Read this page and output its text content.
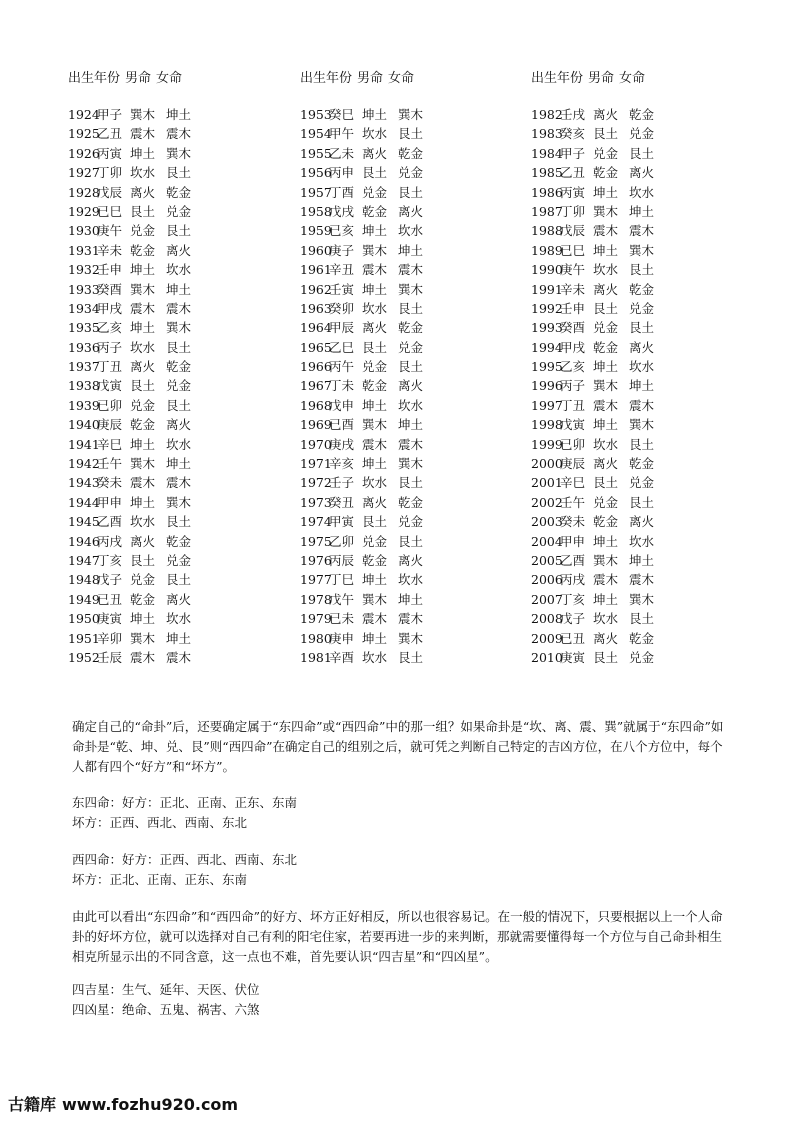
出生年份 男命 女命
1924甲子 巽木 坤土
1925乙丑 震木 震木
1926丙寅 坤土 巽木
1927丁卯 坎水 艮土
1928戊辰 离火 乾金
1929已巳 艮土 兑金
1930庚午 兑金 艮土
1931辛未 乾金 离火
1932壬申 坤土 坎水
1933癸酉 巽木 坤土
1934甲戌 震木 震木
1935乙亥 坤土 巽木
1936丙子 坎水 艮土
1937丁丑 离火 乾金
1938戊寅 艮土 兑金
1939已卯 兑金 艮土
1940庚辰 乾金 离火
1941辛巳 坤土 坎水
1942壬午 巽木 坤土
1943癸未 震木 震木
1944甲申 坤土 巽木
1945乙酉 坎水 艮土
1946丙戌 离火 乾金
1947丁亥 艮土 兑金
1948戊子 兑金 艮土
1949已丑 乾金 离火
1950庚寅 坤土 坎水
1951辛卯 巽木 坤土
1952壬辰 震木 震木
出生年份 男命 女命
1953癸巳 坤土 巽木
1954甲午 坎水 艮土
1955乙未 离火 乾金
1956丙申 艮土 兑金
1957丁酉 兑金 艮土
1958戊戌 乾金 离火
1959已亥 坤土 坎水
1960庚子 巽木 坤土
1961辛丑 震木 震木
1962壬寅 坤土 巽木
1963癸卯 坎水 艮土
1964甲辰 离火 乾金
1965乙巳 艮土 兑金
1966丙午 兑金 艮土
1967丁未 乾金 离火
1968戊申 坤土 坎水
1969已酉 巽木 坤土
1970庚戌 震木 震木
1971辛亥 坤土 巽木
1972壬子 坎水 艮土
1973癸丑 离火 乾金
1974甲寅 艮土 兑金
1975乙卯 兑金 艮土
1976丙辰 乾金 离火
1977丁巳 坤土 坎水
1978戊午 巽木 坤土
1979已未 震木 震木
1980庚申 坤土 巽木
1981辛酉 坎水 艮土
出生年份 男命 女命
1982壬戌 离火 乾金
1983癸亥 艮土 兑金
1984甲子 兑金 艮土
1985乙丑 乾金 离火
1986丙寅 坤土 坎水
1987丁卯 巽木 坤土
1988戊辰 震木 震木
1989已巳 坤土 巽木
1990庚午 坎水 艮土
1991辛未 离火 乾金
1992壬申 艮土 兑金
1993癸酉 兑金 艮土
1994甲戌 乾金 离火
1995乙亥 坤土 坎水
1996丙子 巽木 坤土
1997丁丑 震木 震木
1998戊寅 坤土 巽木
1999已卯 坎水 艮土
2000庚辰 离火 乾金
2001辛巳 艮土 兑金
2002壬午 兑金 艮土
2003癸未 乾金 离火
2004甲申 坤土 坎水
2005乙酉 巽木 坤土
2006丙戌 震木 震木
2007丁亥 坤土 巽木
2008戊子 坎水 艮土
2009已丑 离火 乾金
2010庚寅 艮土 兑金

确定自己的“命卦”后，还要确定属于“东四命”或“西四命”中的那一组？如果命卦是“坎、离、震、巽”就属于“东四命”如命卦是“乾、坤、兑、艮”则“西四命”在确定自己的组别之后，就可凭之判断自己特定的吉凶方位，在八个方位中，每个人都有四个“好方”和“坏方”。

东四命：好方：正北、正南、正东、东南

坏方：正西、西北、西南、东北

西四命：好方：正西、西北、西南、东北

坏方：正北、正南、正东、东南

由此可以看出“东四命”和“西四命”的好方、坏方正好相反，所以也很容易记。在一般的情况下，只要根据以上一个人命卦的好坏方位，就可以选择对自己有利的阳宅住家，若要再进一步的来判断，那就需要懂得每一个方位与自己命卦相生相克所显示出的不同含意，这一点也不难，首先要认识“四吉星”和“四凶星”。

四吉星：生气、延年、天医、伏位

四凶星：绝命、五鬼、祸害、六煞

古籍库 www.fozhu920.com
